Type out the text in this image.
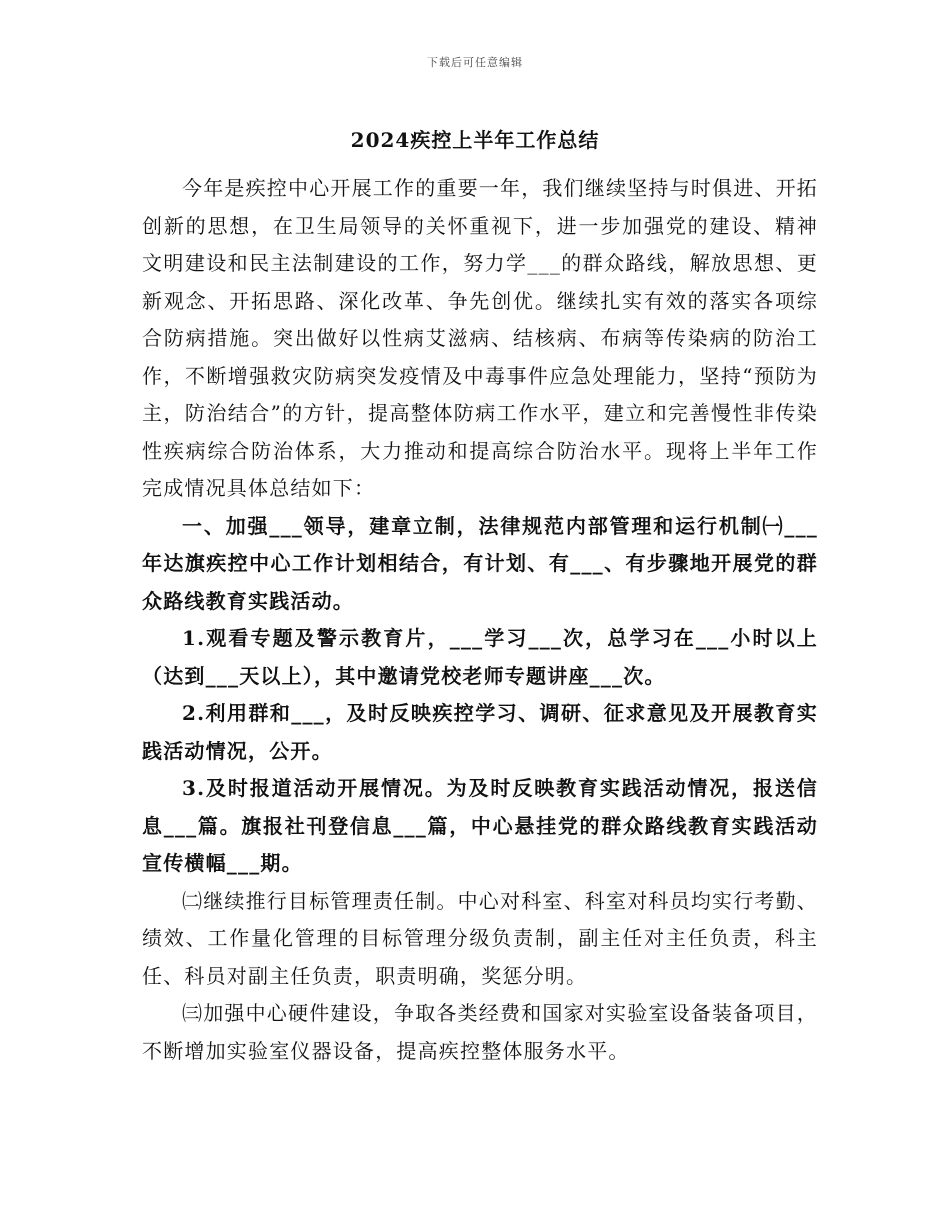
下载后可任意编辑
2024疾控上半年工作总结

今年是疾控中心开展工作的重要一年，我们继续坚持与时俱进、开拓创新的思想，在卫生局领导的关怀重视下，进一步加强党的建设、精神文明建设和民主法制建设的工作，努力学___的群众路线，解放思想、更新观念、开拓思路、深化改革、争先创优。继续扎实有效的落实各项综合防病措施。突出做好以性病艾滋病、结核病、布病等传染病的防治工作，不断增强救灾防病突发疫情及中毒事件应急处理能力，坚持“预防为主，防治结合”的方针，提高整体防病工作水平，建立和完善慢性非传染性疾病综合防治体系，大力推动和提高综合防治水平。现将上半年工作完成情况具体总结如下：

一、加强___领导，建章立制，法律规范内部管理和运行机制㈠___年达旗疾控中心工作计划相结合，有计划、有___、有步骤地开展党的群众路线教育实践活动。

1.观看专题及警示教育片，___学习___次，总学习在___小时以上（达到___天以上），其中邀请党校老师专题讲座___次。

2.利用群和___，及时反映疾控学习、调研、征求意见及开展教育实践活动情况，公开。

3.及时报道活动开展情况。为及时反映教育实践活动情况，报送信息___篇。旗报社刊登信息___篇，中心悬挂党的群众路线教育实践活动宣传横幅___期。

㈡继续推行目标管理责任制。中心对科室、科室对科员均实行考勤、绩效、工作量化管理的目标管理分级负责制，副主任对主任负责，科主任、科员对副主任负责，职责明确，奖惩分明。

㈢加强中心硬件建设，争取各类经费和国家对实验室设备装备项目，不断增加实验室仪器设备，提高疾控整体服务水平。
